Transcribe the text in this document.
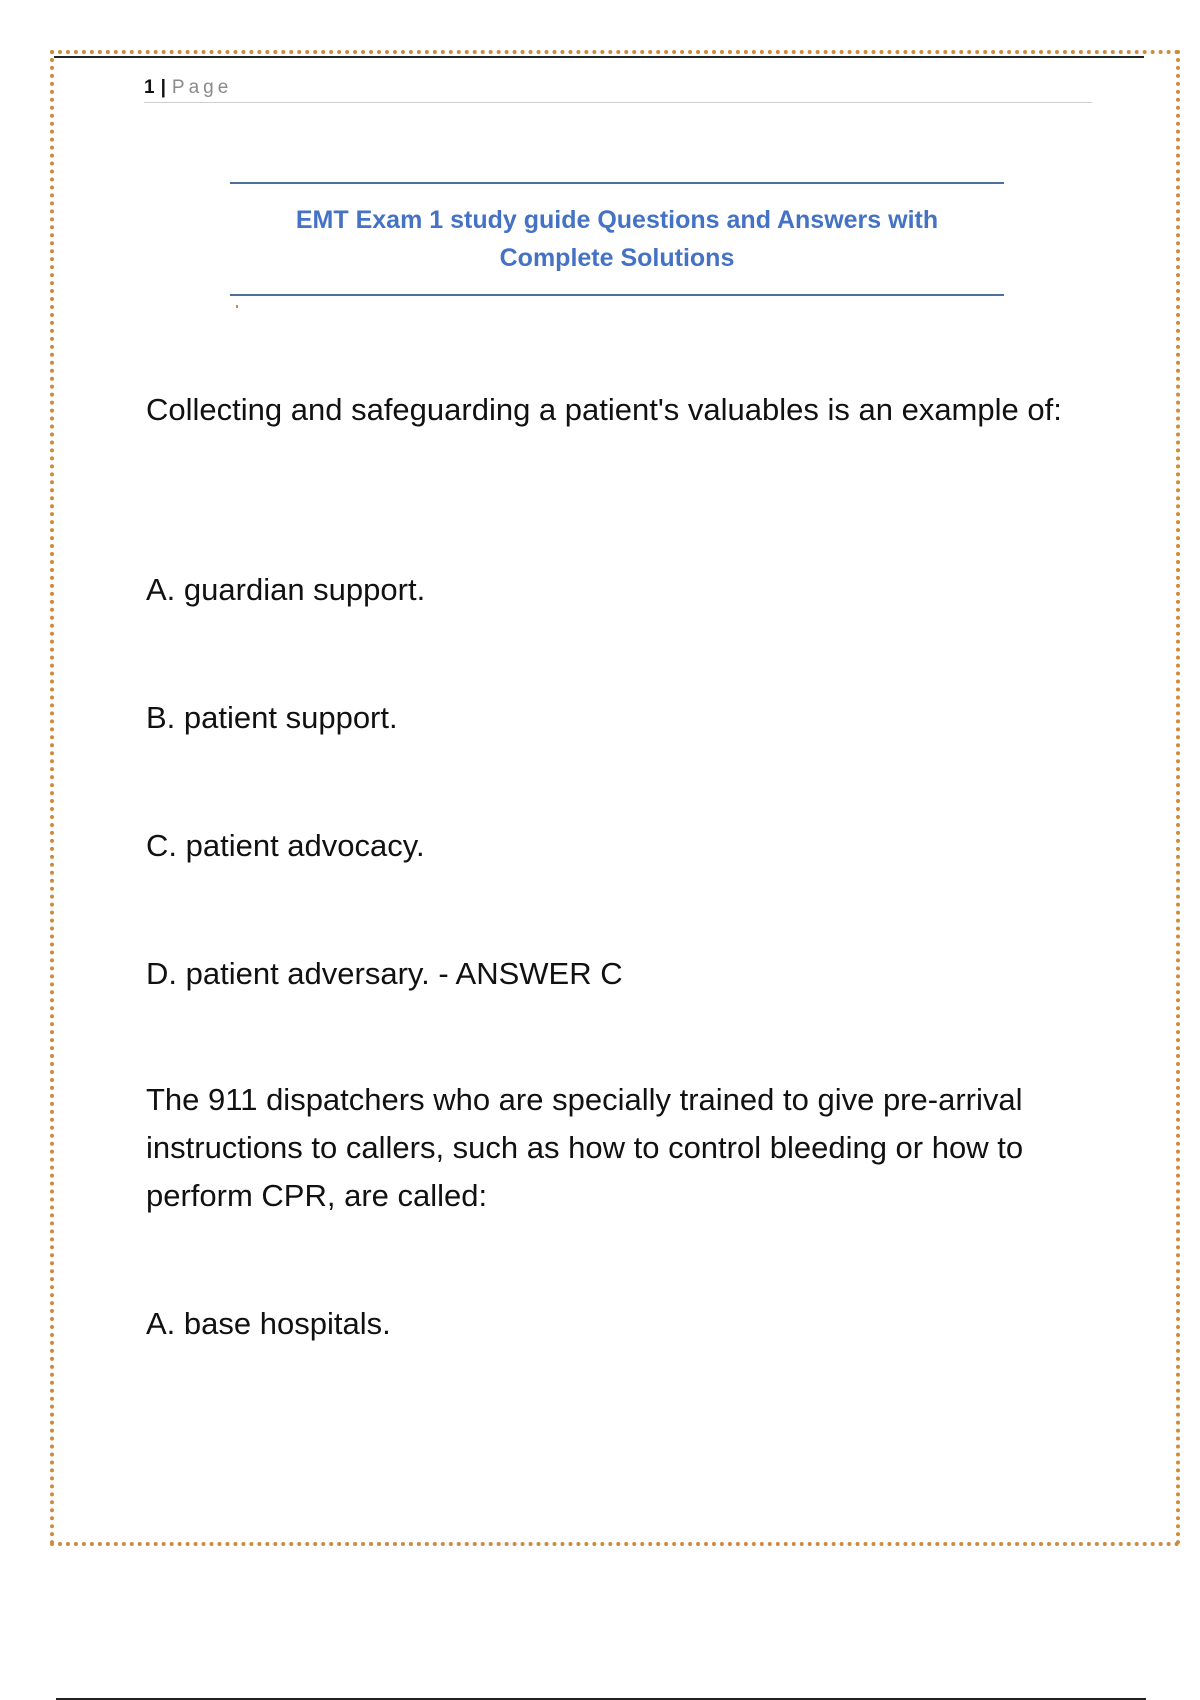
1 | Page
EMT Exam 1 study guide Questions and Answers with Complete Solutions

Collecting and safeguarding a patient's valuables is an example of:

A. guardian support.

B. patient support.

C. patient advocacy.

D. patient adversary. - ANSWER C

The 911 dispatchers who are specially trained to give pre-arrival instructions to callers, such as how to control bleeding or how to perform CPR, are called:

A. base hospitals.
